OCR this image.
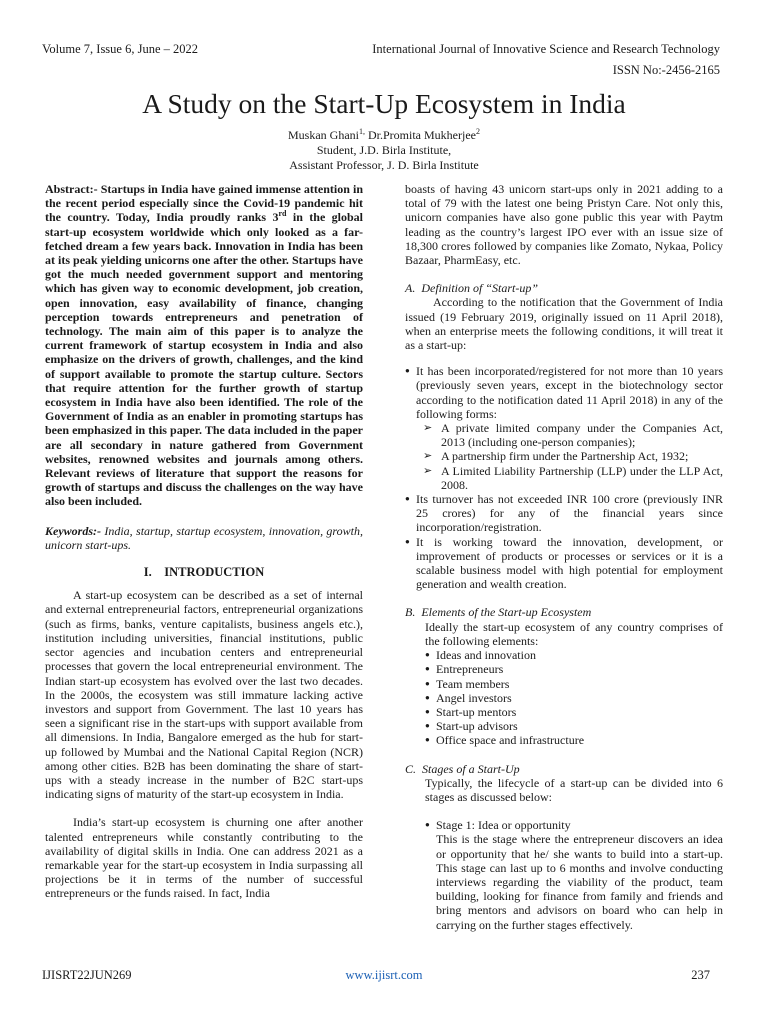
Volume 7, Issue 6, June – 2022	International Journal of Innovative Science and Research Technology
ISSN No:-2456-2165
A Study on the Start-Up Ecosystem in India
Muskan Ghani$^{1,}$ Dr.Promita Mukherjee$^2$
Student, J.D. Birla Institute,
Assistant Professor, J. D. Birla Institute

Abstract:- Startups in India have gained immense attention in the recent period especially since the Covid-19 pandemic hit the country. Today, India proudly ranks 3rd in the global start-up ecosystem worldwide which only looked as a far-fetched dream a few years back. Innovation in India has been at its peak yielding unicorns one after the other. Startups have got the much needed government support and mentoring which has given way to economic development, job creation, open innovation, easy availability of finance, changing perception towards entrepreneurs and penetration of technology. The main aim of this paper is to analyze the current framework of startup ecosystem in India and also emphasize on the drivers of growth, challenges, and the kind of support available to promote the startup culture. Sectors that require attention for the further growth of startup ecosystem in India have also been identified. The role of the Government of India as an enabler in promoting startups has been emphasized in this paper. The data included in the paper are all secondary in nature gathered from Government websites, renowned websites and journals among others. Relevant reviews of literature that support the reasons for growth of startups and discuss the challenges on the way have also been included.

Keywords:- India, startup, startup ecosystem, innovation, growth, unicorn start-ups.

I. INTRODUCTION

A start-up ecosystem can be described as a set of internal and external entrepreneurial factors, entrepreneurial organizations (such as firms, banks, venture capitalists, business angels etc.), institution including universities, financial institutions, public sector agencies and incubation centers and entrepreneurial processes that govern the local entrepreneurial environment. The Indian start-up ecosystem has evolved over the last two decades. In the 2000s, the ecosystem was still immature lacking active investors and support from Government. The last 10 years has seen a significant rise in the start-ups with support available from all dimensions. In India, Bangalore emerged as the hub for start-up followed by Mumbai and the National Capital Region (NCR) among other cities. B2B has been dominating the share of start-ups with a steady increase in the number of B2C start-ups indicating signs of maturity of the start-up ecosystem in India.

India’s start-up ecosystem is churning one after another talented entrepreneurs while constantly contributing to the availability of digital skills in India. One can address 2021 as a remarkable year for the start-up ecosystem in India surpassing all projections be it in terms of the number of successful entrepreneurs or the funds raised. In fact, India

boasts of having 43 unicorn start-ups only in 2021 adding to a total of 79 with the latest one being Pristyn Care. Not only this, unicorn companies have also gone public this year with Paytm leading as the country’s largest IPO ever with an issue size of 18,300 crores followed by companies like Zomato, Nykaa, Policy Bazaar, PharmEasy, etc.

A. Definition of “Start-up”

According to the notification that the Government of India issued (19 February 2019, originally issued on 11 April 2018), when an enterprise meets the following conditions, it will treat it as a start-up:

● It has been incorporated/registered for not more than 10 years (previously seven years, except in the biotechnology sector according to the notification dated 11 April 2018) in any of the following forms:
➢ A private limited company under the Companies Act, 2013 (including one-person companies);
➢ A partnership firm under the Partnership Act, 1932;
➢ A Limited Liability Partnership (LLP) under the LLP Act, 2008.
● Its turnover has not exceeded INR 100 crore (previously INR 25 crores) for any of the financial years since incorporation/registration.
● It is working toward the innovation, development, or improvement of products or processes or services or it is a scalable business model with high potential for employment generation and wealth creation.
B. Elements of the Start-up Ecosystem

Ideally the start-up ecosystem of any country comprises of the following elements:

● Ideas and innovation
● Entrepreneurs
● Team members
● Angel investors
● Start-up mentors
● Start-up advisors
● Office space and infrastructure
C. Stages of a Start-Up

Typically, the lifecycle of a start-up can be divided into 6 stages as discussed below:

● Stage 1: Idea or opportunity

This is the stage where the entrepreneur discovers an idea or opportunity that he/ she wants to build into a start-up. This stage can last up to 6 months and involve conducting interviews regarding the viability of the product, team building, looking for finance from family and friends and bring mentors and advisors on board who can help in carrying on the further stages effectively.

IJISRT22JUN269	www.ijisrt.com	237
